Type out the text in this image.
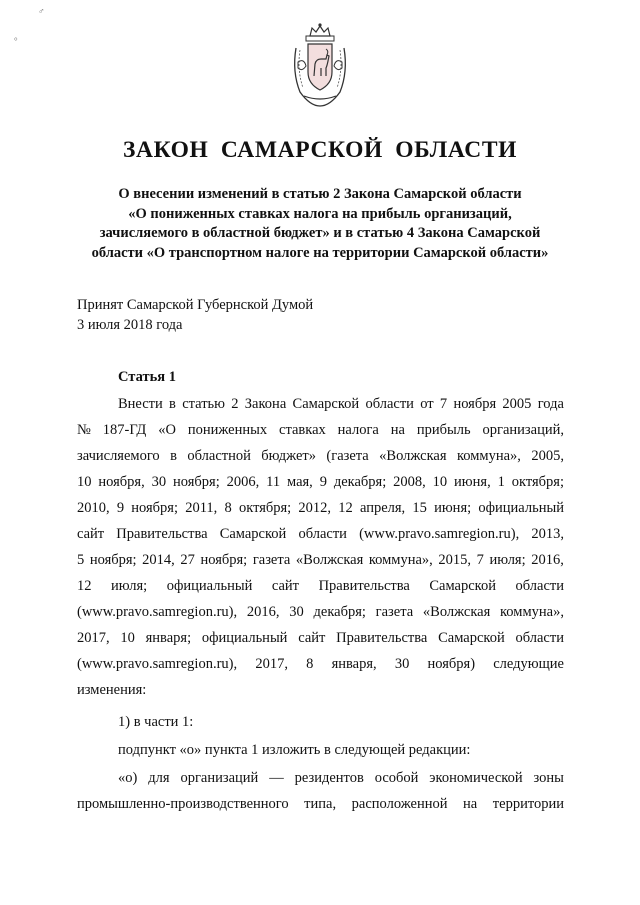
♂
°
ЗАКОН САМАРСКОЙ ОБЛАСТИ
О внесении изменений в статью 2 Закона Самарской области
«О пониженных ставках налога на прибыль организаций,
зачисляемого в областной бюджет» и в статью 4 Закона Самарской
области «О транспортном налоге на территории Самарской области»
Принят Самарской Губернской Думой
3 июля 2018 года
Статья 1
Внести в статью 2 Закона Самарской области от 7 ноября 2005 года
№ 187-ГД «О пониженных ставках налога на прибыль организаций,
зачисляемого в областной бюджет» (газета «Волжская коммуна», 2005,
10 ноября, 30 ноября; 2006, 11 мая, 9 декабря; 2008, 10 июня, 1 октября;
2010, 9 ноября; 2011, 8 октября; 2012, 12 апреля, 15 июня; официальный
сайт Правительства Самарской области (www.pravo.samregion.ru), 2013,
5 ноября; 2014, 27 ноября; газета «Волжская коммуна», 2015, 7 июля; 2016,
12 июля; официальный сайт Правительства Самарской области
(www.pravo.samregion.ru), 2016, 30 декабря; газета «Волжская коммуна»,
2017, 10 января; официальный сайт Правительства Самарской области
(www.pravo.samregion.ru), 2017, 8 января, 30 ноября) следующие
изменения:
1) в части 1:
подпункт «о» пункта 1 изложить в следующей редакции:
«о) для организаций — резидентов особой экономической зоны
промышленно-производственного типа, расположенной на территории
